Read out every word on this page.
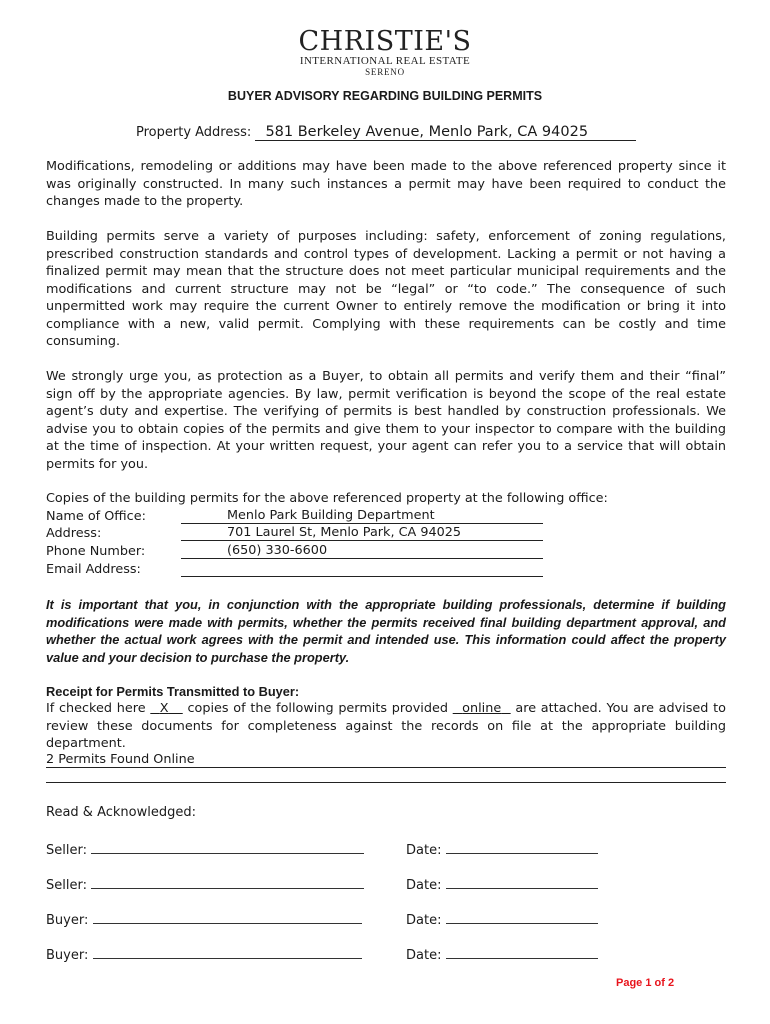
CHRISTIE'S
INTERNATIONAL REAL ESTATE
SERENO
BUYER ADVISORY REGARDING BUILDING PERMITS
Property Address: 581 Berkeley Avenue, Menlo Park, CA 94025

Modifications, remodeling or additions may have been made to the above referenced property since it was originally constructed. In many such instances a permit may have been required to conduct the changes made to the property.

Building permits serve a variety of purposes including: safety, enforcement of zoning regulations, prescribed construction standards and control types of development. Lacking a permit or not having a finalized permit may mean that the structure does not meet particular municipal requirements and the modifications and current structure may not be “legal” or “to code.” The consequence of such unpermitted work may require the current Owner to entirely remove the modification or bring it into compliance with a new, valid permit. Complying with these requirements can be costly and time consuming.

We strongly urge you, as protection as a Buyer, to obtain all permits and verify them and their “final” sign off by the appropriate agencies. By law, permit verification is beyond the scope of the real estate agent’s duty and expertise. The verifying of permits is best handled by construction professionals. We advise you to obtain copies of the permits and give them to your inspector to compare with the building at the time of inspection. At your written request, your agent can refer you to a service that will obtain permits for you.

Copies of the building permits for the above referenced property at the following office:
Name of Office:	Menlo Park Building Department
Address:	701 Laurel St, Menlo Park, CA 94025
Phone Number:	(650) 330-6600
Email Address:

It is important that you, in conjunction with the appropriate building professionals, determine if building modifications were made with permits, whether the permits received final building department approval, and whether the actual work agrees with the permit and intended use. This information could affect the property value and your decision to purchase the property.

Receipt for Permits Transmitted to Buyer:

If checked here X copies of the following permits provided online are attached. You are advised to review these documents for completeness against the records on file at the appropriate building department.

2 Permits Found Online
Read & Acknowledged:
Seller:	Date:
Seller:	Date:
Buyer:	Date:
Buyer:	Date:
Page 1 of 2
